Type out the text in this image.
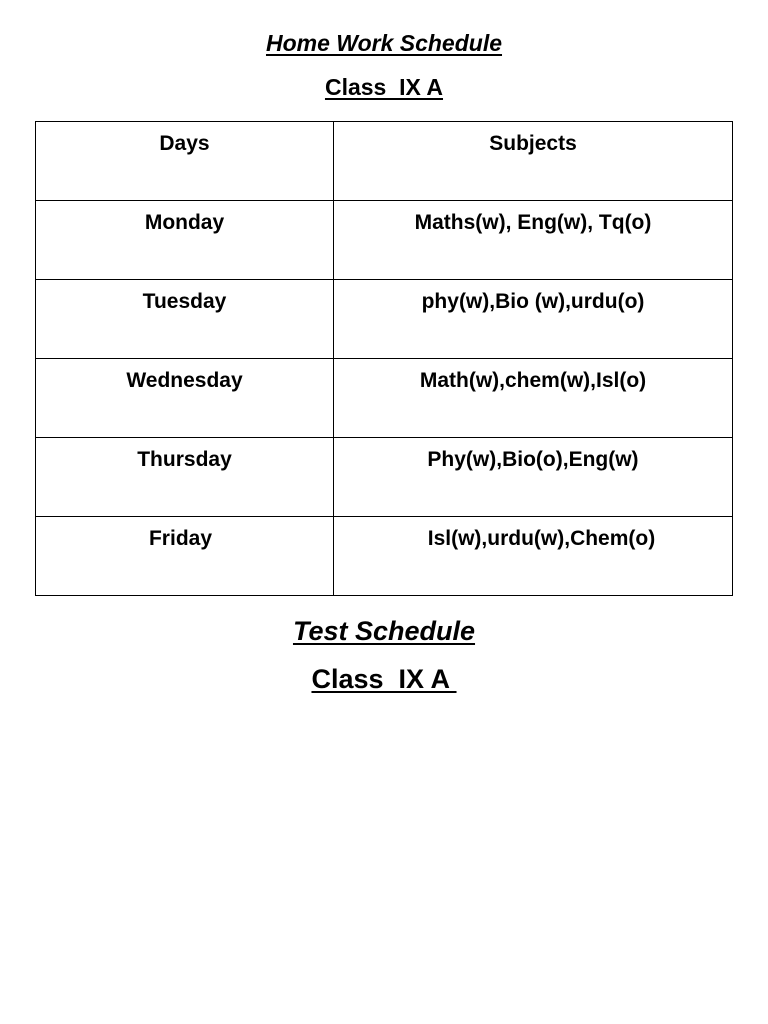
Home Work Schedule
Class  IX A
Days	Subjects

Monday	Maths(w), Eng(w), Tq(o)

Tuesday	phy(w),Bio (w),urdu(o)

Wednesday	Math(w),chem(w),Isl(o)

Thursday	Phy(w),Bio(o),Eng(w)

Friday	Isl(w),urdu(w),Chem(o)
Test Schedule
Class  IX A
